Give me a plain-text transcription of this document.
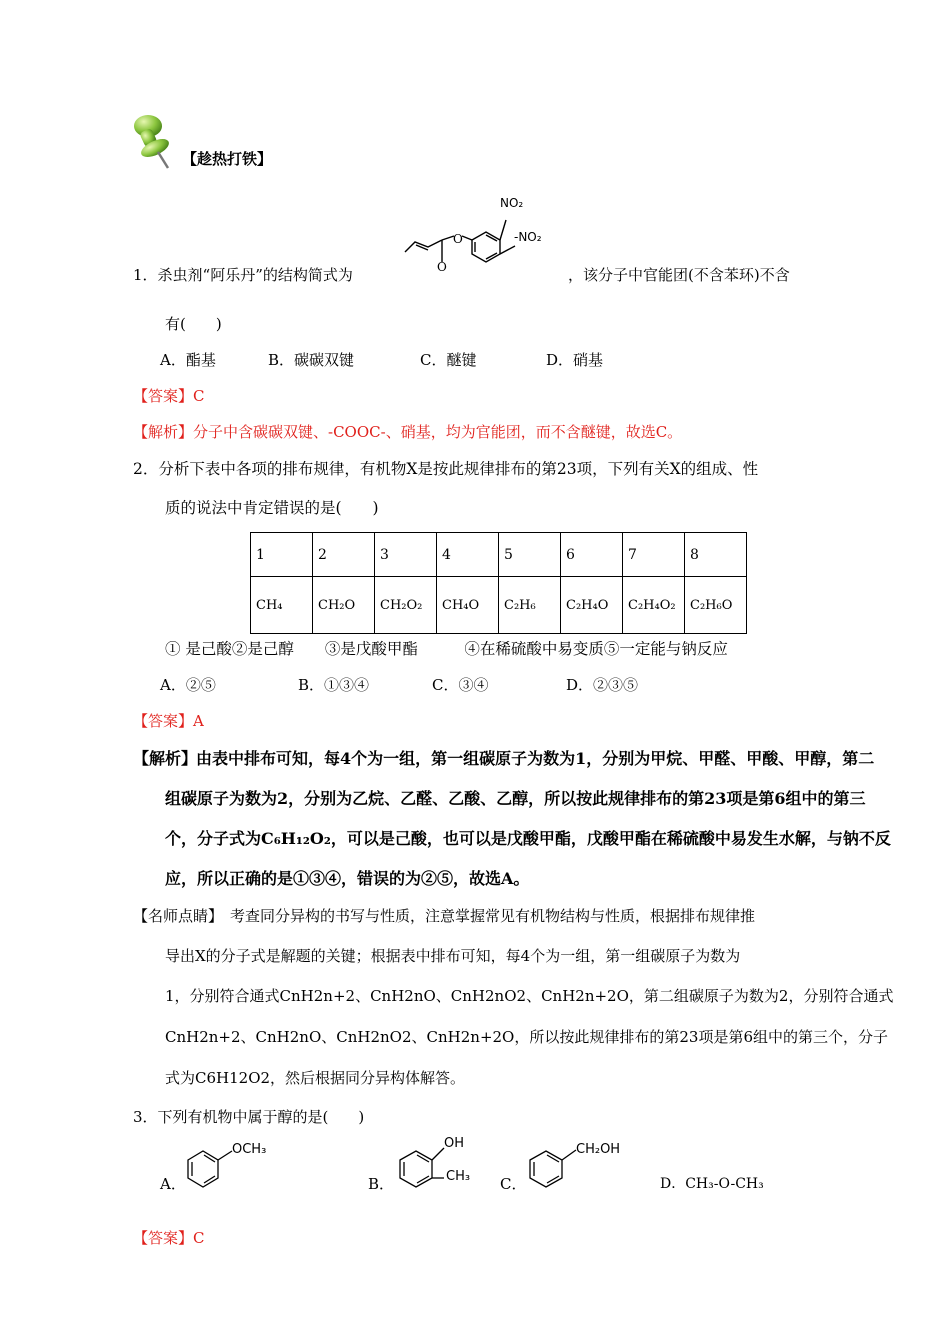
【趁热打铁】
1．杀虫剂“阿乐丹”的结构简式为
O
O
NO₂
-NO₂
，该分子中官能团(不含苯环)不含
有(　　)
A．酯基	B．碳碳双键	C．醚键	D．硝基
【答案】C
【解析】分子中含碳碳双键、-COOC-、硝基，均为官能团，而不含醚键，故选C。
2．分析下表中各项的排布规律，有机物X是按此规律排布的第23项，下列有关X的组成、性
质的说法中肯定错误的是(　　)
1	2	3	4	5	6	7	8
CH₄	CH₂O	CH₂O₂	CH₄O	C₂H₆	C₂H₄O	C₂H₄O₂	C₂H₆O
① 是己酸②是己醇　　③是戊酸甲酯　　　④在稀硫酸中易变质⑤一定能与钠反应
A．②⑤	B．①③④	C．③④	D．②③⑤
【答案】A
【解析】
由表中排布可知，每4个为一组，第一组碳原子为数为1，分别为甲烷、甲醛、甲酸、甲醇，第二
组碳原子为数为2，分别为乙烷、乙醛、乙酸、乙醇，所以按此规律排布的第23项是第6组中的第三
个，分子式为C₆H₁₂O₂，可以是己酸，也可以是戊酸甲酯，戊酸甲酯在稀硫酸中易发生水解，与钠不反
应，所以正确的是①③④，错误的为②⑤，故选A。
【名师点睛】 考查同分异构的书写与性质，注意掌握常见有机物结构与性质，根据排布规律推
导出X的分子式是解题的关键；根据表中排布可知，每4个为一组，第一组碳原子为数为
1，分别符合通式CnH2n+2、CnH2nO、CnH2nO2、CnH2n+2O，第二组碳原子为数为2，分别符合通式
CnH2n+2、CnH2nO、CnH2nO2、CnH2n+2O，所以按此规律排布的第23项是第6组中的第三个，分子
式为C6H12O2，然后根据同分异构体解答。
3．下列有机物中属于醇的是(　　)
A．
OCH₃
B．
OH
CH₃ C．
CH₂OH
D．CH₃-O-CH₃
【答案】C
